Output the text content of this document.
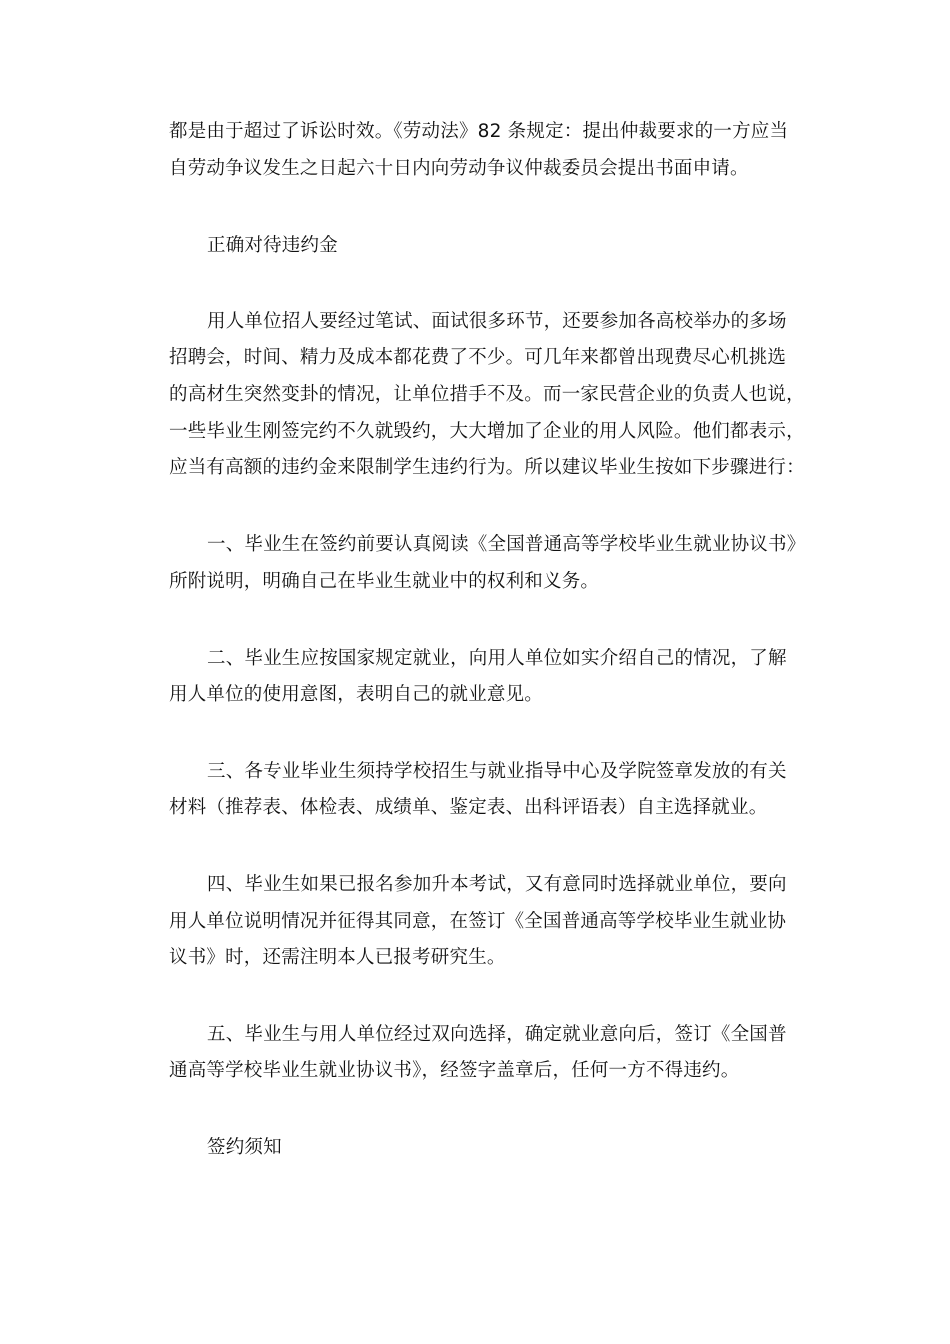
都是由于超过了诉讼时效。《劳动法》82 条规定：提出仲裁要求的一方应当
自劳动争议发生之日起六十日内向劳动争议仲裁委员会提出书面申请。
正确对待违约金
用人单位招人要经过笔试、面试很多环节，还要参加各高校举办的多场
招聘会，时间、精力及成本都花费了不少。可几年来都曾出现费尽心机挑选
的高材生突然变卦的情况，让单位措手不及。而一家民营企业的负责人也说，
一些毕业生刚签完约不久就毁约，大大增加了企业的用人风险。他们都表示，
应当有高额的违约金来限制学生违约行为。所以建议毕业生按如下步骤进行：
一、毕业生在签约前要认真阅读《全国普通高等学校毕业生就业协议书》
所附说明，明确自己在毕业生就业中的权利和义务。
二、毕业生应按国家规定就业，向用人单位如实介绍自己的情况，了解
用人单位的使用意图，表明自己的就业意见。
三、各专业毕业生须持学校招生与就业指导中心及学院签章发放的有关
材料（推荐表、体检表、成绩单、鉴定表、出科评语表）自主选择就业。
四、毕业生如果已报名参加升本考试，又有意同时选择就业单位，要向
用人单位说明情况并征得其同意，在签订《全国普通高等学校毕业生就业协
议书》时，还需注明本人已报考研究生。
五、毕业生与用人单位经过双向选择，确定就业意向后，签订《全国普
通高等学校毕业生就业协议书》，经签字盖章后，任何一方不得违约。
签约须知
